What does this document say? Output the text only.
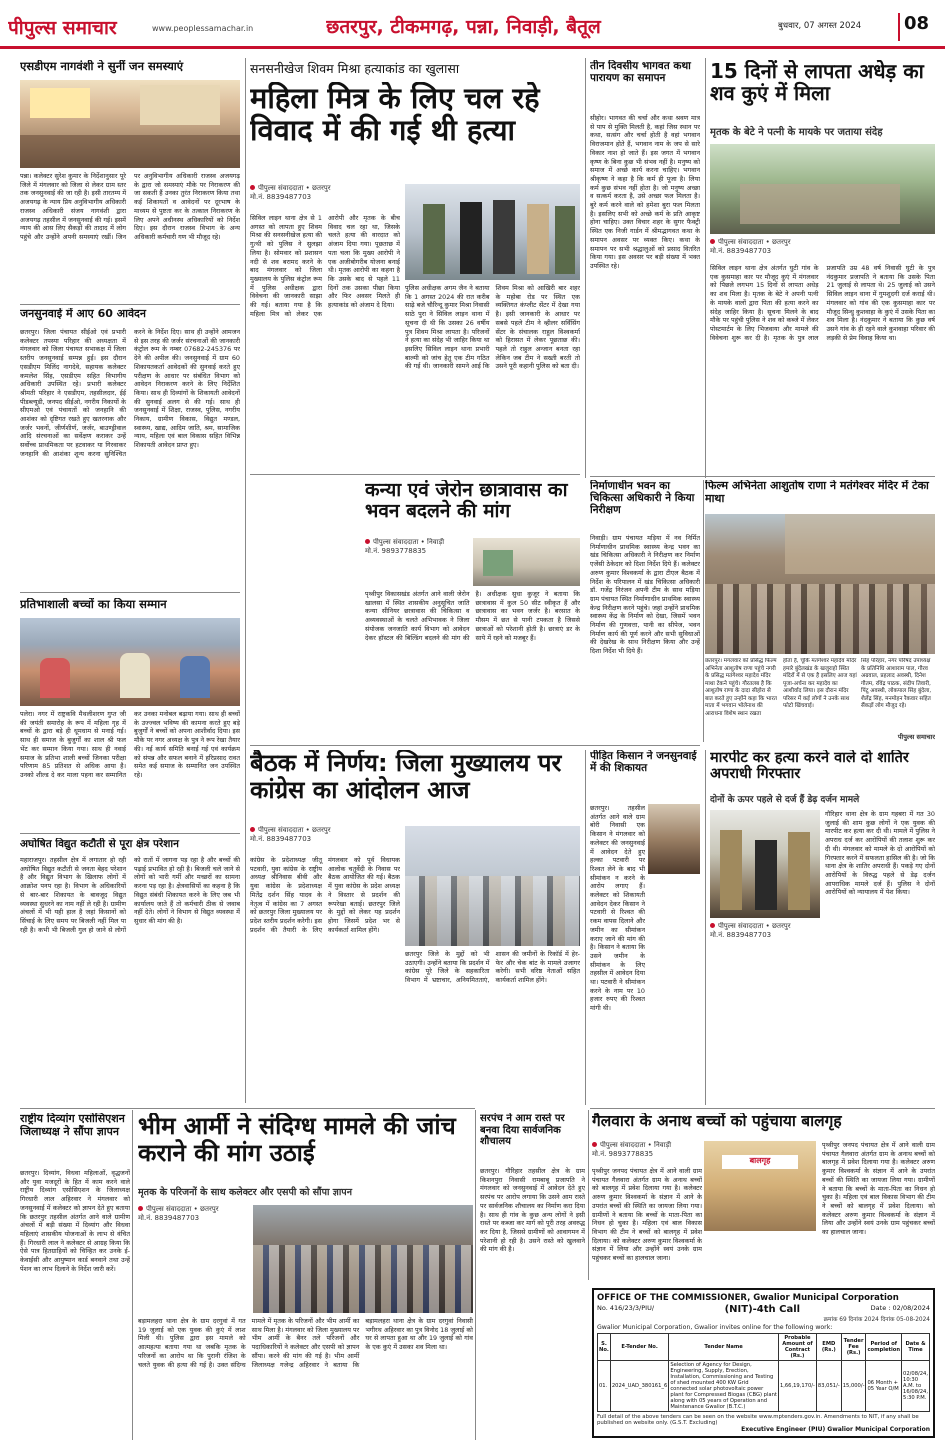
पीपुल्स समाचार	www.peoplessamachar.in	छतरपुर, टीकमगढ़, पन्ना, निवाड़ी, बैतूल	बुधवार, 07 अगस्त 2024	08
एसडीएम नागवंशी ने सुनीं जन समस्याएं
पन्ना। कलेक्टर सुरेश कुमार के निर्देशानुसार पूरे जिले में मंगलवार को जिला से लेकर ग्राम स्तर तक जनसुनवाई की जा रही है। इसी तारतम्य में अजयगढ़ के न्याय प्रिय अनुविभागीय अधिकारी राजस्व अधिकारी संजय नागवंशी द्वारा अजयगढ़ तहसील में जनसुनवाई की गई। इसमें न्याय की आस लिए सैकड़ों की तादाद में लोग पहुंचे और उन्होंने अपनी समस्याएं रखीं। जिन पर अनुविभागीय अधिकारी राजस्व अजयगढ़ के द्वारा जो समस्याएं मौके पर निराकरण की जा सकती हैं उनका तुरंत निराकरण किया तथा कई शिकायतों व आवेदनों पर दूरभाष के माध्यम से पुष्टता कर के तत्काल निराकरण के लिए अपने अधीनस्थ अधिकारियों को निर्देश दिए। इस दौरान राजस्व विभाग के अन्य अधिकारी कर्मचारी गण भी मौजूद रहे।
जनसुनवाई में आए 60 आवेदन
छतरपुर। जिला पंचायत सीईओ एवं प्रभारी कलेक्टर तपस्या परिहार की अध्यक्षता में मंगलवार को जिला पंचायत सभाकक्ष में जिला स्तरीय जनसुनवाई सम्पन्न हुई। इस दौरान एसडीएम मिलिंद नागदेवे, सहायक कलेक्टर कमलेश सिंह, एसडीएम सहित विभागीय अधिकारी उपस्थित रहे। प्रभारी कलेक्टर श्रीमती परिहार ने एसडीएम, तहसीलदार, ईई पीडब्ल्यूडी, जनपद सीईओ, नगरीय निकायों के सीएमओ एवं पंचायतों को जनहानि की आशंका को दृष्टिगत रखते हुए खतरनाक और जर्जर भवनों, जीर्णशीर्ण, जर्जर, बाउण्ड्रीवाल आदि संरचनाओं का सर्वेक्षण कराकर उन्हें सर्वोच्च प्राथमिकता पर हटवाकर या गिरवाकर जनहानि की आशंका शून्य करना सुनिश्चित करने के निर्देश दिए। साथ ही उन्होंने आमजन से इस तरह की जर्जर संरचनाओं की जानकारी कंट्रोल रूम के नम्बर 07682-245376 पर देने की अपील की। जनसुनवाई में ग्राम 60 शिकायतकर्ता आवेदकों की सुनवाई करते हुए परीक्षण के आधार पर संबंधित विभाग को आवेदन निराकरण करने के लिए निर्देशित किया। साथ ही दिव्यांगों के शिकायती आवेदनों की सुनवाई अलग से की गई। साथ ही जनसुनवाई में शिक्षा, राजस्व, पुलिस, नगरीय निकाय, ग्रामीण विकास, विद्युत मण्डल, स्वास्थ्य, खाद्य, आदिम जाति, श्रम, सामाजिक न्याय, महिला एवं बाल विकास सहित विभिन्न शिकायती आवेदन प्राप्त हुए।
प्रतिभाशाली बच्चों का किया सम्मान
पलेरा। नगर में राष्ट्रकवि मैथलीशरण गुप्त जी की जयंती समारोह के रूप में महिला गृह में बच्चों के द्वारा बड़े ही धूमधाम से मनाई गई। साथ ही समाज के बुजुर्गों का शाल श्री फल भेंट कर सम्मान किया गया। साथ ही नवाई समाज के प्रतिभा शाली बच्चों जिनका परीक्षा परिणाम 85 प्रतिशत से अधिक आया है। उनको शील्ड दे कर माला पहना कर सम्मानित कर उनका मनोबल बढ़ाया गया। साथ ही बच्चों के उज्ज्वल भविष्य की कामना करते हुए बड़े बुजुर्गों ने बच्चों को अपना आशीर्वाद दिया। इस मौके पर नगर अध्यक्ष के पुत्र ने रूप रेखा तैयार की। नई कार्य समिति बनाई गई एवं कार्यक्रम को संपन्न और सफल बनाने में हरिप्रसाद रावत समेत कई समाज के सम्मानित जन उपस्थित रहे।
अघोषित विद्युत कटौती से पूरा क्षेत्र परेशान
महाराजपुर। तहसील क्षेत्र में लगातार हो रही अघोषित विद्युत कटौती से जनता बेहद परेशान है और विद्युत विभाग के खिलाफ लोगों में आक्रोश पनप रहा है। विभाग के अधिकारियों से बार-बार शिकायत के बावजूद विद्युत व्यवस्था सुधरने का नाम नहीं ले रही है। ग्रामीण अंचलों में भी यही हाल है जहां किसानों को सिंचाई के लिए समय पर बिजली नहीं मिल पा रही है। कभी भी बिजली गुल हो जाने से लोगों को रातों में जागना पड़ रहा है और बच्चों की पढ़ाई प्रभावित हो रही है। बिजली चले जाने से लोगों को भारी गर्मी और मच्छरों का सामना करना पड़ रहा है। क्षेत्रवासियों का कहना है कि विद्युत संबंधी शिकायत करने के लिए जब भी कार्यालय जाते हैं तो कर्मचारी ठीक से जवाब नहीं देते। लोगों ने विभाग से विद्युत व्यवस्था में सुधार की मांग की है।
राष्ट्रीय दिव्यांग एसोसिएशन जिलाध्यक्ष ने सौंपा ज्ञापन
छतरपुर। दिव्यांग, विधवा महिलाओं, वृद्धजनों और युवा मजदूरों के हित में काम करने वाले राष्ट्रीय दिव्यांग एसोसिएशन के जिलाध्यक्ष गिरधारी लाल अहिरवार ने मंगलवार को जनसुनवाई में कलेक्टर को ज्ञापन देते हुए बताया कि छतरपुर तहसील अंतर्गत आने वाले ग्रामीण अंचलों में बड़ी संख्या में दिव्यांग और विधवा महिलाएं शासकीय योजनाओं के लाभ से वंचित हैं। गिरधारी लाल ने कलेक्टर से आग्रह किया कि ऐसे पात्र हितग्राहियों को चिन्हित कर उनके ई-केवाईसी और आयुष्मान कार्ड बनवाने तथा उन्हें पेंशन का लाभ दिलाने के निर्देश जारी करें।
सनसनीखेज शिवम मिश्रा हत्याकांड का खुलासा
महिला मित्र के लिए चल रहे विवाद में की गई थी हत्या
पीपुल्स संवाददाता • छतरपुर
मो.नं. 8839487703
सिविल लाइन थाना क्षेत्र से 1 अगस्त को लापता हुए शिवम मिश्रा की सनसनीखेज हत्या की गुत्थी को पुलिस ने सुलझा लिया है। सोमवार को प्रशासन नदी से शव बरामद करने के बाद मंगलवार को जिला मुख्यालय के पुलिस कंट्रोल रूम में पुलिस अधीक्षक द्वारा विवेचना की जानकारी साझा की गई। बताया गया है कि महिला मित्र को लेकर एक आरोपी और मृतक के बीच विवाद चल रहा था, जिसके चलते हत्या की वारदात को अंजाम दिया गया। पूछताछ में पता चला कि मुख्य आरोपी ने एक अजीबोगरीब योजना बनाई थी। मृतक आरोपी का कहना है कि उसके बाद से पहले 11 दिनों तक उसका पीछा किया और फिर अवसर मिलते ही हत्याकांड को अंजाम दे दिया।
पुलिस अधीक्षक अगम जैन ने बताया कि 1 अगस्त 2024 की रात करीब साढ़े बजे चौरिन्दू कुमार मिश्रा निवासी साठे पुरा ने सिविल लाइन थाना में सूचना दी थी कि उसका 26 वर्षीय पुत्र शिवम मिश्रा लापता है। परिजनों ने हत्या का संदेह भी जाहिर किया था इसलिए सिविल लाइन थाना प्रभारी बाल्मी को जांच हेतु एक टीम गठित की गई थी। जानकारी सामने आई कि शिवम मिश्रा को आखिरी बार शहर के महोबा रोड पर स्थित एक व्यक्तिगत कंप्लीट सेंटर में देखा गया है। इसी जानकारी के आधार पर सबसे पहले टीम ने व्हीलर सर्विसिंग सेंटर के संचालक राहुल विश्वकर्मा को हिरासत में लेकर पूछताछ की। पहले तो राहुल अन्जान बनता रहा लेकिन जब टीम ने सख्ती बरती तो उसने पूरी कहानी पुलिस को बता दी।
तीन दिवसीय भागवत कथा पारायण का समापन
सीहोर। भागवत की चर्चा और कथा श्रवण मात्र से पाप से मुक्ति मिलती है, कहां जिस स्थान पर कथा, सत्संग और चर्चा होती है वहां भगवान विराजमान होते हैं, भगवान नाम के जप से सारे विकार नाश हो जाते हैं। इस जगत में भगवान कृष्ण के बिना कुछ भी संभव नहीं है। मनुष्य को समाज में अच्छे कार्य करना चाहिए। भगवान श्रीकृष्ण ने कहा है कि कर्म ही पूजा है। लिया कर्म कुछ संभव नहीं होता है। जो मनुष्य अच्छा व सत्कर्म करता है, उसे अच्छा फल मिलता है। बुरे कर्म करने वाले को हमेशा बुरा फल मिलता है। इसलिए सभी को अच्छे कर्म के प्रति आकृष्ट होना चाहिए। उक्त विचार शहर के सुगर फैक्ट्री स्थित एक निजी गार्डन में श्रीमद्भागवत कथा के समापन अवसर पर व्यक्त किए। कथा के समापन पर सभी श्रद्धालुओं को प्रसाद वितरित किया गया। इस अवसर पर बड़ी संख्या में भक्त उपस्थित रहे।
15 दिनों से लापता अधेड़ का शव कुएं में मिला
मृतक के बेटे ने पत्नी के मायके पर जताया संदेह
पीपुल्स संवाददाता • छतरपुर
मो.नं. 8839487703
सिविल लाइन थाना क्षेत्र अंतर्गत घुटी गांव के एक कुसमाहा कार पर मौजूद कुएं में मंगलवार को पिछले लगभग 15 दिनों से लापता अधेड़ का शव मिला है। मृतक के बेटे ने अपनी पत्नी के मायके वालों द्वारा पिता की हत्या करने का संदेह जाहिर किया है। सूचना मिलने के बाद मौके पर पहुंची पुलिस ने शव को कब्जे में लेकर पोस्टमार्टम के लिए भिजवाया और मामले की विवेचना शुरू कर दी है। मृतक के पुत्र लाल प्रजापति उम्र 48 वर्ष निवासी घुटी के पुत्र नंदकुमार प्रजापति ने बताया कि उसके पिता 21 जुलाई से लापता थे। 25 जुलाई को उसने सिविल लाइन थाना में गुमशुदगी दर्ज कराई थी। मंगलवार को गांव की एक कुसमाहा कार पर मौजूद सिन्धु कुशवाहा के कुएं में उसके पिता का शव मिला है। नंदकुमार ने बताया कि कुछ वर्ष उसने गांव के ही रहने वाले कुशवाहा परिवार की लड़की से प्रेम विवाह किया था।
कन्या एवं जेरोन छात्रावास का भवन बदलने की मांग
पीपुल्स संवाददाता • निवाड़ी
मो.नं. 9893778835
पृथ्वीपुर विकासखंड अंतर्गत आने वाली जेरोन खालसा में स्थित शासकीय अनुसूचित जाति कन्या सीनियर छात्रावास की चिकित्सा व अव्यवस्थाओं के चलते अभिभावक ने जिला संयोजक जनजाति कार्य विभाग को आवेदन देकर हॉस्टल की बिल्डिंग बदलने की मांग की है। अधीक्षक सुधा कुजूर ने बताया कि छात्रावास में कुल 50 सीट स्वीकृत हैं और छात्रावास का भवन जर्जर है। बरसात के मौसम में छत से पानी टपकता है जिससे छात्राओं को परेशानी होती है। छात्राएं डर के साये में रहने को मजबूर हैं।
निर्माणाधीन भवन का चिकित्सा अधिकारी ने किया निरीक्षण
निवाड़ी। ग्राम पंचायत मड़िया में नव निर्मित निर्माणाधीन प्राथमिक स्वास्थ्य केन्द्र भवन का खंड चिकित्सा अधिकारी ने निरीक्षण कर निर्माण एजेंसी ठेकेदार को दिशा निर्देश दिये हैं। कलेक्टर अरुण कुमार विश्वकर्मा के द्वारा टीएल बैठक में निर्देश के परिपालन में खंड चिकित्सा अधिकारी डॉ. गजेंद्र निरंजन अपनी टीम के साथ मड़िया ग्राम पंचायत स्थित निर्माणाधीन प्राथमिक स्वास्थ्य केन्द्र निरीक्षण करने पहुंचे। जहां उन्होंने प्राथमिक स्वास्थ्य केंद्र के निर्माण को देखा, जिसमें भवन निर्माण की गुणवत्ता, पानी का सीपेज, भवन निर्माण कार्य की पूर्ण करने और सभी सुविधाओं की देखरेख के साथ निरीक्षण किया और उन्हें दिशा निर्देश भी दिये हैं।
फिल्म अभिनेता आशुतोष राणा ने मतंगेश्वर मंदिर में टेका माथा
छतरपुर। मंगलवार को प्रसिद्ध फिल्म अभिनेता आशुतोष राणा पहुंचे नगरी के प्रसिद्ध मतंगेश्वर महादेव मंदिर माथा टेकने पहुंचे। गौरतलब है कि आशुतोष राणा के दादा सीहोरा से बात करते हुए उन्होंने कहा कि भारत माता में भगवान भोलेनाथ की आराधना विशेष स्थान रखता
होता है, चूंकि मतंगेश्वर महादेव मंदिर हमारे बुंदेलखंड के खजुराहो स्थित मंदिरों में से एक है इसलिए आज यहां पूजा-अर्चना कर महादेव का आशीर्वाद लिया। इस दौरान मंदिर परिसर में कई लोगों ने उनके साथ फोटो खिंचवाई।
सिंह परिहार, नगर परिषद उपाध्यक्ष के प्रतिनिधि आशाराम पाल, गौरव अग्रवाल, प्रहलाद अवस्थी, दिनेश गौतम, रविंद्र पाठक, संदीप तिवारी, पिंटू अवस्थी, लोकपाल सिंह बुंदेला, शैलेंद्र सिंह, मनमोहन रैकवार सहित सैंकड़ों लोग मौजूद रहे।
पीपुल्स समाचार
बैठक में निर्णय: जिला मुख्यालय पर कांग्रेस का आंदोलन आज
पीपुल्स संवाददाता • छतरपुर
मो.नं. 8839487703
कांग्रेस के प्रदेशाध्यक्ष जीतू पटवारी, युवा कांग्रेस के राष्ट्रीय अध्यक्ष श्रीनिवास बीवी और युवा कांग्रेस के प्रदेशाध्यक्ष मितेंद्र दर्शन सिंह यादव के नेतृत्व में कांग्रेस का 7 अगस्त को छतरपुर जिला मुख्यालय पर प्रदेश स्तरीय प्रदर्शन करेगी। इस प्रदर्शन की तैयारी के लिए मंगलवार को पूर्व विधायक आलोक चतुर्वेदी के निवास पर बैठक आयोजित की गई। बैठक में युवा कांग्रेस के प्रदेश अध्यक्ष ने विस्तार से प्रदर्शन की रूपरेखा बताई। छतरपुर जिले के मुद्दों को लेकर यह प्रदर्शन होगा जिसमें प्रदेश भर से कार्यकर्ता शामिल होंगे।
छतरपुर जिले के मुद्दों को भी उठाएगी। उन्होंने बताया कि प्रदर्शन में कांग्रेस पूरे जिले के सहकारिता विभाग में भ्रष्टाचार, अनियमितताएं, शासन की जमीनों के रिकॉर्ड में हेर-फेर और चेक बांट के मामले उजागर करेगी। सभी वरिष्ठ नेताओं सहित कार्यकर्ता शामिल होंगे।
पीड़ित किसान ने जनसुनवाई में की शिकायत
छतरपुर। तहसील अंतर्गत आने वाले ग्राम बोरी निवासी एक किसान ने मंगलवार को कलेक्टर की जनसुनवाई में आवेदन देते हुए हल्का पटवारी पर रिश्वत लेने के बाद भी सीमांकन न करने के आरोप लगाए हैं। कलेक्टर को शिकायती आवेदन देकर किसान ने पटवारी से रिश्वत की रकम वापस दिलाने और जमीन का सीमांकन कराए जाने की मांग की है। किसान ने बताया कि उसने जमीन के सीमांकन के लिए तहसील में आवेदन दिया था। पटवारी ने सीमांकन करने के नाम पर 10 हजार रुपए की रिश्वत मांगी थी।
मारपीट कर हत्या करने वाले दो शातिर अपराधी गिरफ्तार
दोनों के ऊपर पहले से दर्ज हैं डेढ़ दर्जन मामले
पीपुल्स संवाददाता • छतरपुर
मो.नं. 8839487703
गौरिहार थाना क्षेत्र के ग्राम गहबरा में गत 30 जुलाई की शाम कुछ लोगों ने एक युवक की मारपीट कर हत्या कर दी थी। मामले में पुलिस ने अपराध दर्ज कर आरोपियों की तलाश शुरू कर दी थी। मंगलवार को मामले के दो आरोपियों को गिरफ्तार करने में सफलता हासिल की है। जो कि थाना क्षेत्र के शातिर अपराधी हैं। पकड़े गए दोनों आरोपियों के विरुद्ध पहले से डेढ़ दर्जन आपराधिक मामले दर्ज हैं। पुलिस ने दोनों आरोपियों को न्यायालय में पेश किया।
भीम आर्मी ने संदिग्ध मामले की जांच कराने की मांग उठाई
मृतक के परिजनों के साथ कलेक्टर और एसपी को सौंपा ज्ञापन
पीपुल्स संवाददाता • छतरपुर
मो.नं. 8839487703
बड़ामलहरा थाना क्षेत्र के ग्राम दरगुवां में गत 19 जुलाई को एक युवक की कुएं में लाश मिली थी। पुलिस द्वारा इस मामले को आत्महत्या बताया गया था जबकि मृतक के परिजनों का आरोप था कि पुरानी रंजिश के चलते युवक की हत्या की गई है। उक्त संदिग्ध मामले में मृतक के परिजनों और भीम आर्मी का साथ मिला है। मंगलवार को जिला मुख्यालय पर भीम आर्मी के बैनर तले परिजनों और पदाधिकारियों ने कलेक्टर और एसपी को ज्ञापन सौंपा। करने की मांग की गई है। भीम आर्मी जिलाध्यक्ष गजेन्द्र अहिरवार ने बताया कि बड़ामलहरा थाना क्षेत्र के ग्राम दरगुवां निवासी भगीरथ अहिरवार का पुत्र विनोद 18 जुलाई को घर से लापता हुआ था और 19 जुलाई को गांव के एक कुएं में उसका शव मिला था।
सरपंच ने आम रास्ते पर बनवा दिया सार्वजनिक शौचालय
छतरपुर। गौरिहार तहसील क्षेत्र के ग्राम किशनपुरा निवासी रामबाबू प्रजापति ने मंगलवार को जनसुनवाई में आवेदन देते हुए सरपंच पर आरोप लगाया कि उसने आम रास्ते पर सार्वजनिक शौचालय का निर्माण करा दिया है। साथ ही गांव के कुछ अन्य लोगों ने इसी रास्ते पर कब्जा कर मार्ग को पूरी तरह अवरुद्ध कर दिया है, जिससे ग्रामीणों को आवागमन में परेशानी हो रही है। उसने रास्ते को खुलवाने की मांग की है।
गैलवारा के अनाथ बच्चों को पहुंचाया बालगृह
पीपुल्स संवाददाता • निवाड़ी
मो.नं. 9893778835
बालगृह
पृथ्वीपुर जनपद पंचायत क्षेत्र में आने वाली ग्राम पंचायत गैलवारा अंतर्गत ग्राम के अनाथ बच्चों को बालगृह में प्रवेश दिलाया गया है। कलेक्टर अरुण कुमार विश्वकर्मा के संज्ञान में आने के उपरांत बच्चों की स्थिति का जायजा लिया गया। ग्रामीणों ने बताया कि बच्चों के माता-पिता का निधन हो चुका है। महिला एवं बाल विकास विभाग की टीम ने बच्चों को बालगृह में प्रवेश दिलाया। को कलेक्टर अरुण कुमार विश्वकर्मा के संज्ञान में लिया और उन्होंने स्वयं उनके ग्राम पहुंचकर बच्चों का हालचाल जाना।
पृथ्वीपुर जनपद पंचायत क्षेत्र में आने वाली ग्राम पंचायत गैलवारा अंतर्गत ग्राम के अनाथ बच्चों को बालगृह में प्रवेश दिलाया गया है। कलेक्टर अरुण कुमार विश्वकर्मा के संज्ञान में आने के उपरांत बच्चों की स्थिति का जायजा लिया गया। ग्रामीणों ने बताया कि बच्चों के माता-पिता का निधन हो चुका है। महिला एवं बाल विकास विभाग की टीम ने बच्चों को बालगृह में प्रवेश दिलाया। को कलेक्टर अरुण कुमार विश्वकर्मा के संज्ञान में लिया और उन्होंने स्वयं उनके ग्राम पहुंचकर बच्चों का हालचाल जाना।
OFFICE OF THE COMMISSIONER, Gwalior Municipal Corporation
No. 416/23/3/PIU/	(NIT)-4th Call	Date : 02/08/2024
क्रमांक 69 दिनांक 2024 दिनांक 05-08-2024
Gwalior Municipal Corporation, Gwalior invites online for the following work:
S. No.	E-Tender No.	Tender Name	Probable Amount of Contract (Rs.)	EMD (Rs.)	Tender Fee (Rs.)	Period of completion	Date & Time
01.	2024_UAD_380161_6	Selection of Agency for Design, Engineering, Supply, Erection, Installation, Commissioning and Testing of shed mounted 400 KW Grid connected solar photovoltaic power plant for Compressed Biogas (CBG) plant along with 05 years of Operation and Maintenance Gwalior (B.T.C.)	1,66,19,170/-	83,051/-	15,000/-	06 Month + 05 Year O/M	02/08/24, 10:30 A.M. to 16/08/24, 5:30 P.M.
Full detail of the above tenders can be seen on the website www.mptenders.gov.in. Amendments to NIT, if any shall be published on website only. (G.S.T. Excluding)
Executive Engineer (PIU) Gwalior Municipal Corporation
